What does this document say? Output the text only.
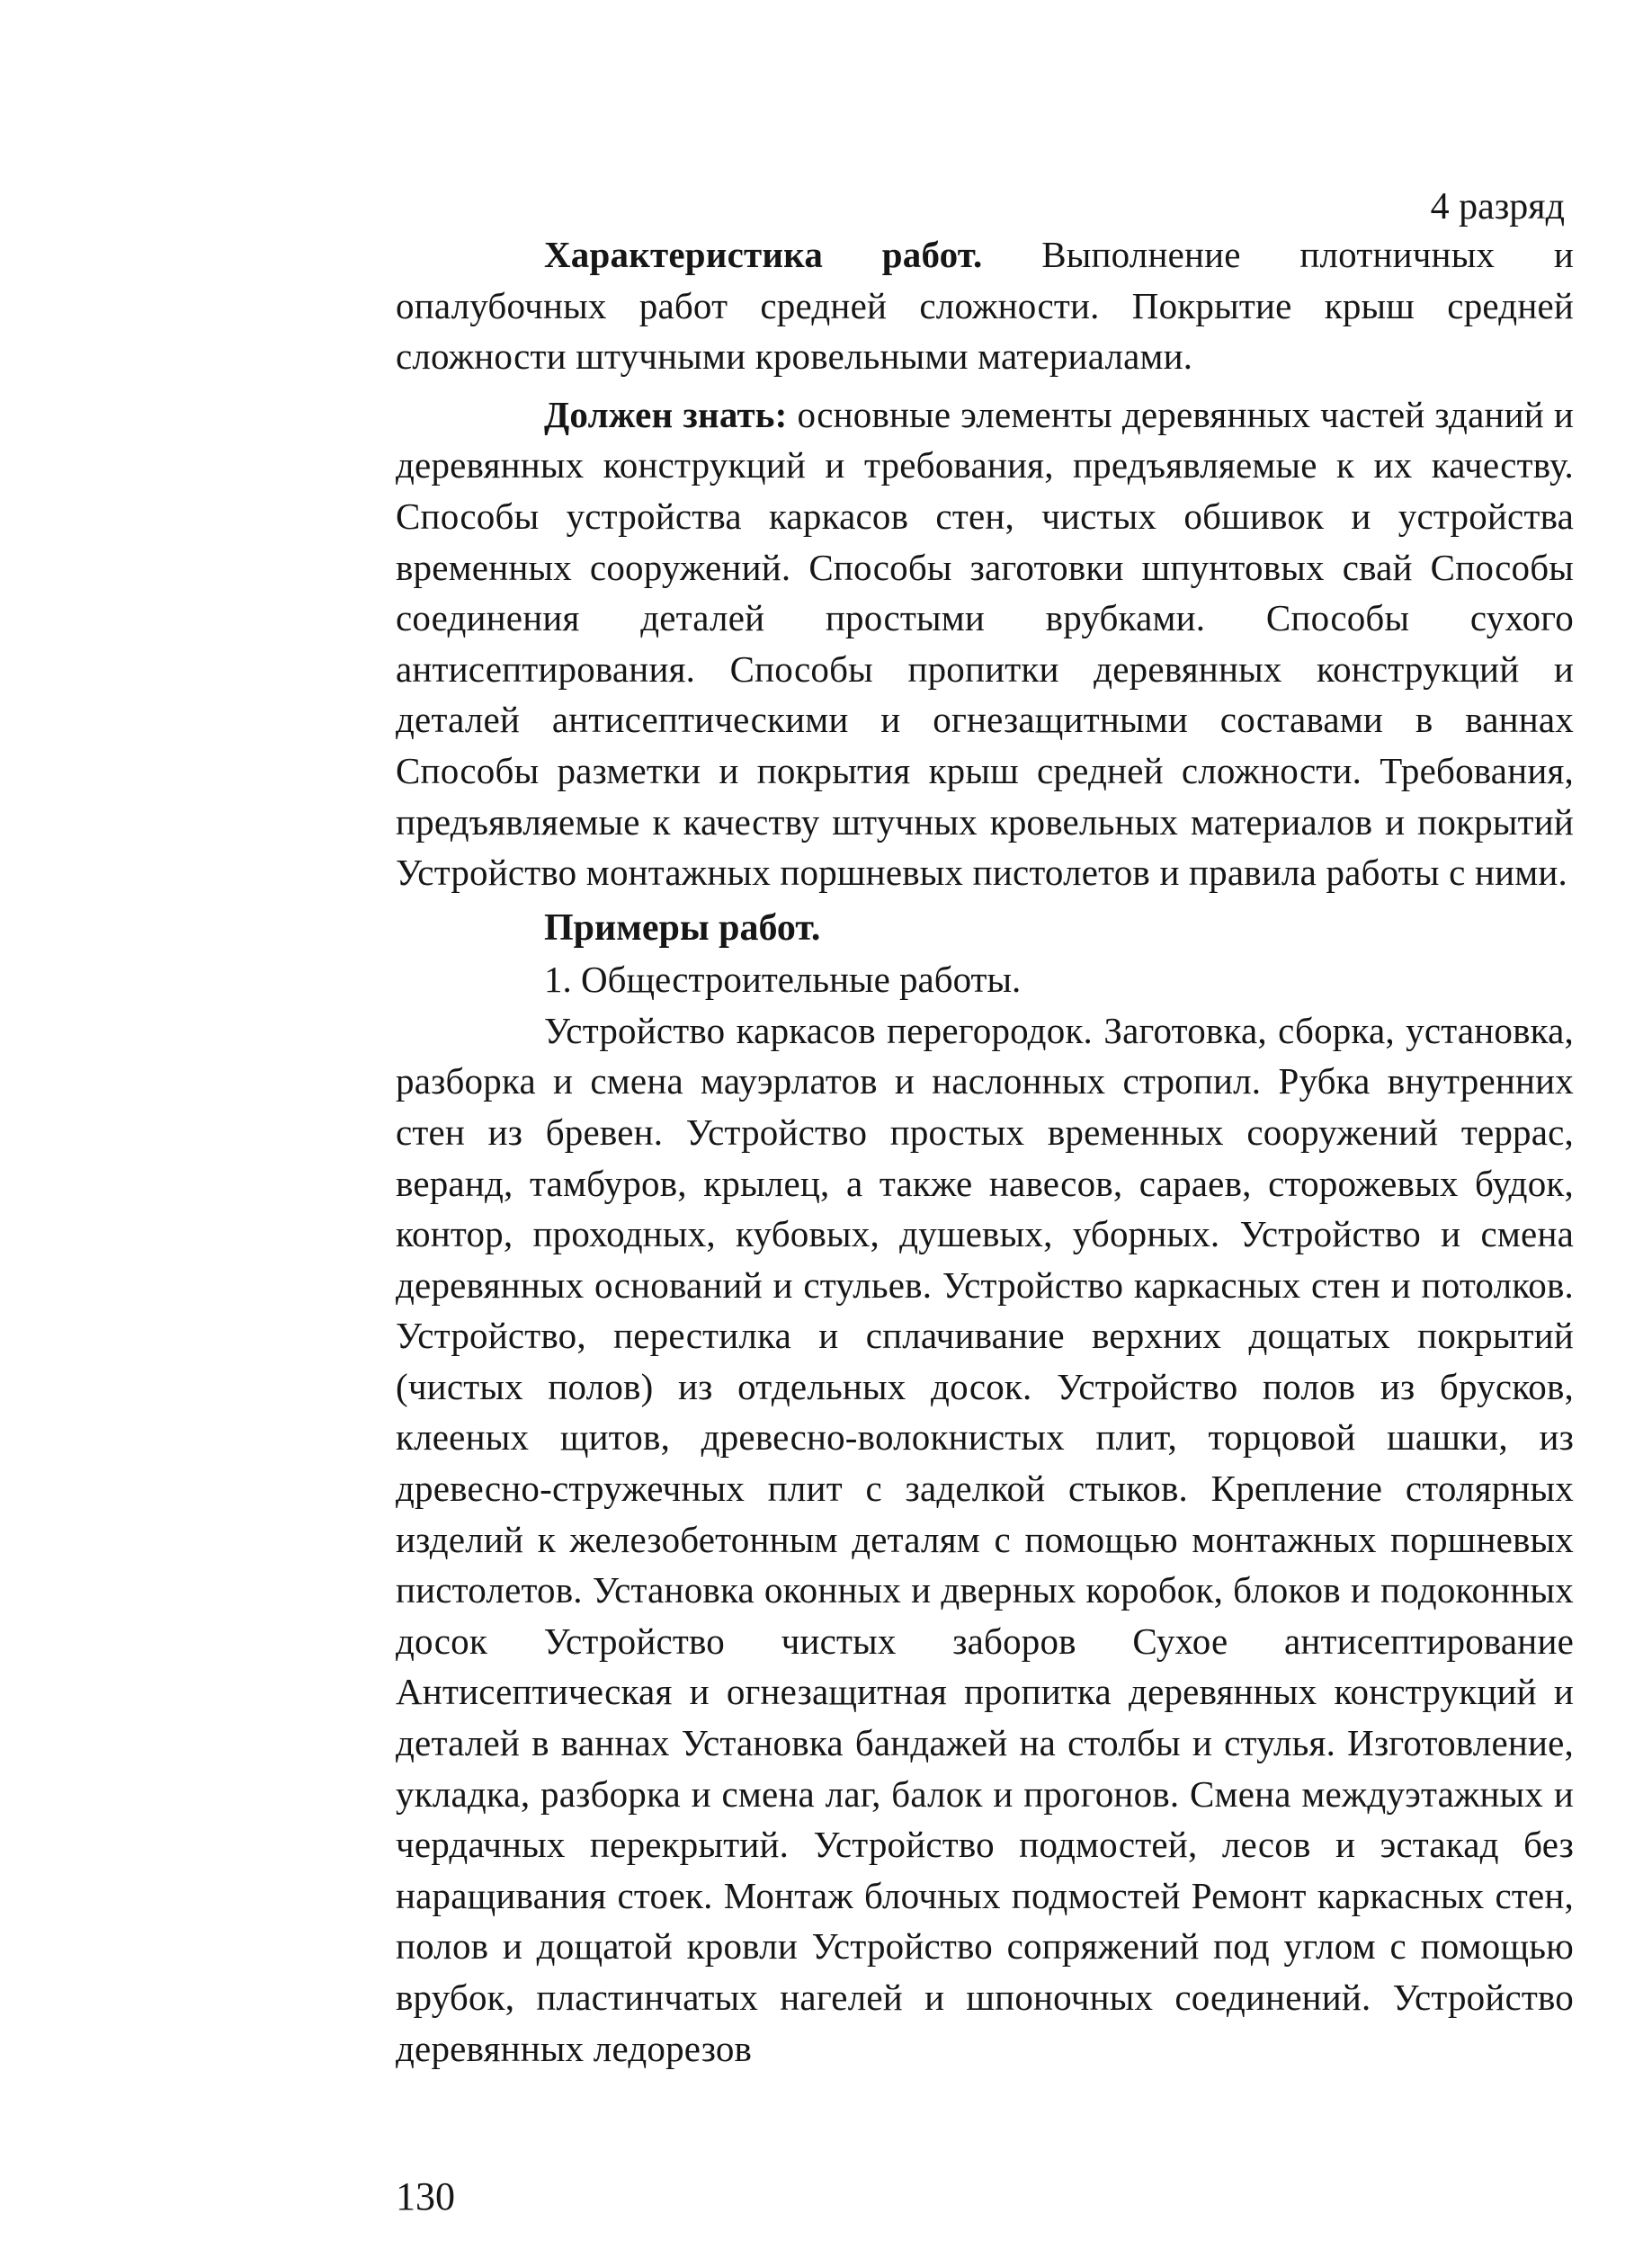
4 разряд

Характеристика работ. Выполнение плотничных и опалубочных работ средней сложности. Покрытие крыш средней сложности штучными кровельными материалами.

Должен знать: основные элементы деревянных частей зданий и деревянных конструкций и требования, предъявляемые к их качеству. Способы устройства каркасов стен, чистых обшивок и устройства временных сооружений. Способы заготовки шпунтовых свай Способы соединения деталей простыми врубками. Способы сухого антисептирования. Способы пропитки деревянных конструкций и деталей антисептическими и огнезащитными составами в ваннах Способы разметки и покрытия крыш средней сложности. Требования, предъявляемые к качеству штучных кровельных материалов и покрытий Устройство монтажных поршневых пистолетов и правила работы с ними.

Примеры работ.
1. Общестроительные работы.

Устройство каркасов перегородок. Заготовка, сборка, установка, разборка и смена мауэрлатов и наслонных стропил. Рубка внутренних стен из бревен. Устройство простых временных сооружений террас, веранд, тамбуров, крылец, а также навесов, сараев, сторожевых будок, контор, проходных, кубовых, душевых, уборных. Устройство и смена деревянных оснований и стульев. Устройство каркасных стен и потолков. Устройство, перестилка и сплачивание верхних дощатых покрытий (чистых полов) из отдельных досок. Устройство полов из брусков, клееных щитов, древесно-волокнистых плит, торцовой шашки, из древесно-стружечных плит с заделкой стыков. Крепление столярных изделий к железобетонным деталям с помощью монтажных поршневых пистолетов. Установка оконных и дверных коробок, блоков и подоконных досок Устройство чистых заборов Сухое антисептирование Антисептическая и огнезащитная пропитка деревянных конструкций и деталей в ваннах Установка бандажей на столбы и стулья. Изготовление, укладка, разборка и смена лаг, балок и прогонов. Смена междуэтажных и чердачных перекрытий. Устройство подмостей, лесов и эстакад без наращивания стоек. Монтаж блочных подмостей Ремонт каркасных стен, полов и дощатой кровли Устройство сопряжений под углом с помощью врубок, пластинчатых нагелей и шпоночных соединений. Устройство деревянных ледорезов

130
